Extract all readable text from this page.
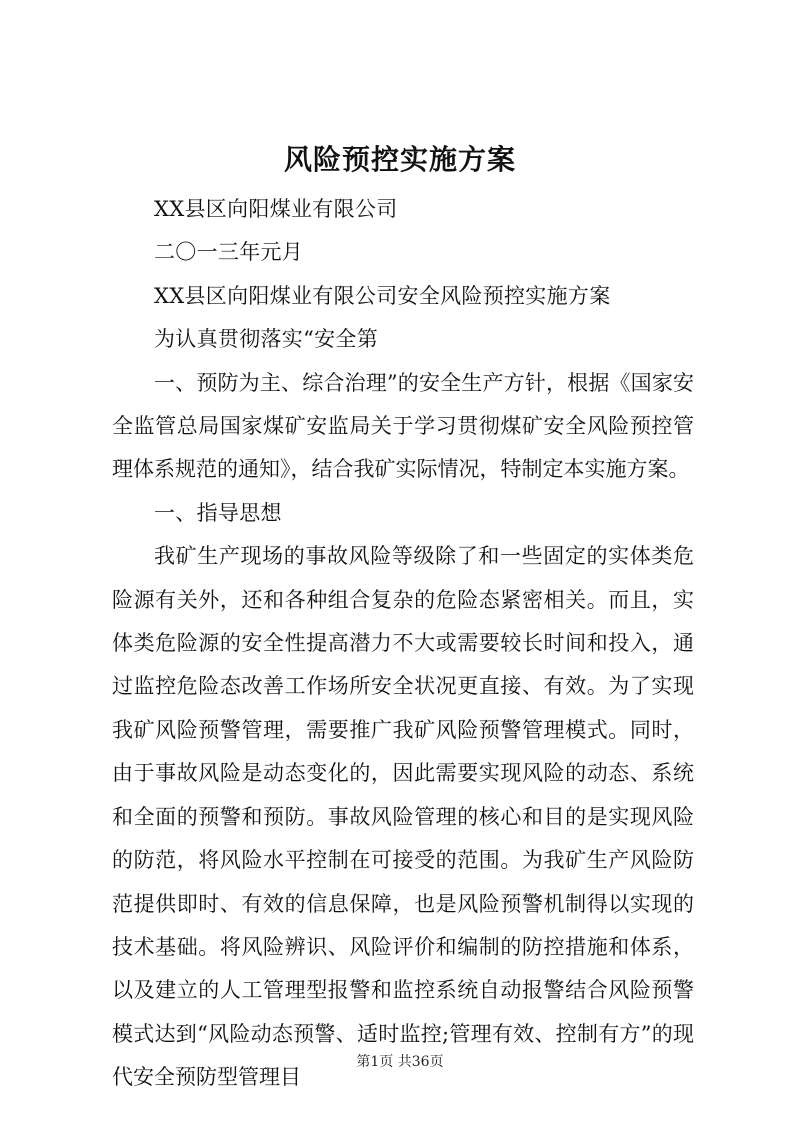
风险预控实施方案

XX县区向阳煤业有限公司

二〇一三年元月

XX县区向阳煤业有限公司安全风险预控实施方案

为认真贯彻落实“安全第

一、预防为主、综合治理”的安全生产方针，根据《国家安全监管总局国家煤矿安监局关于学习贯彻煤矿安全风险预控管理体系规范的通知》，结合我矿实际情况，特制定本实施方案。

一、指导思想

我矿生产现场的事故风险等级除了和一些固定的实体类危险源有关外，还和各种组合复杂的危险态紧密相关。而且，实体类危险源的安全性提高潜力不大或需要较长时间和投入，通过监控危险态改善工作场所安全状况更直接、有效。为了实现我矿风险预警管理，需要推广我矿风险预警管理模式。同时，由于事故风险是动态变化的，因此需要实现风险的动态、系统和全面的预警和预防。事故风险管理的核心和目的是实现风险的防范，将风险水平控制在可接受的范围。为我矿生产风险防范提供即时、有效的信息保障，也是风险预警机制得以实现的技术基础。将风险辨识、风险评价和编制的防控措施和体系，以及建立的人工管理型报警和监控系统自动报警结合风险预警模式达到“风险动态预警、适时监控;管理有效、控制有方”的现代安全预防型管理目

第1页 共36页
